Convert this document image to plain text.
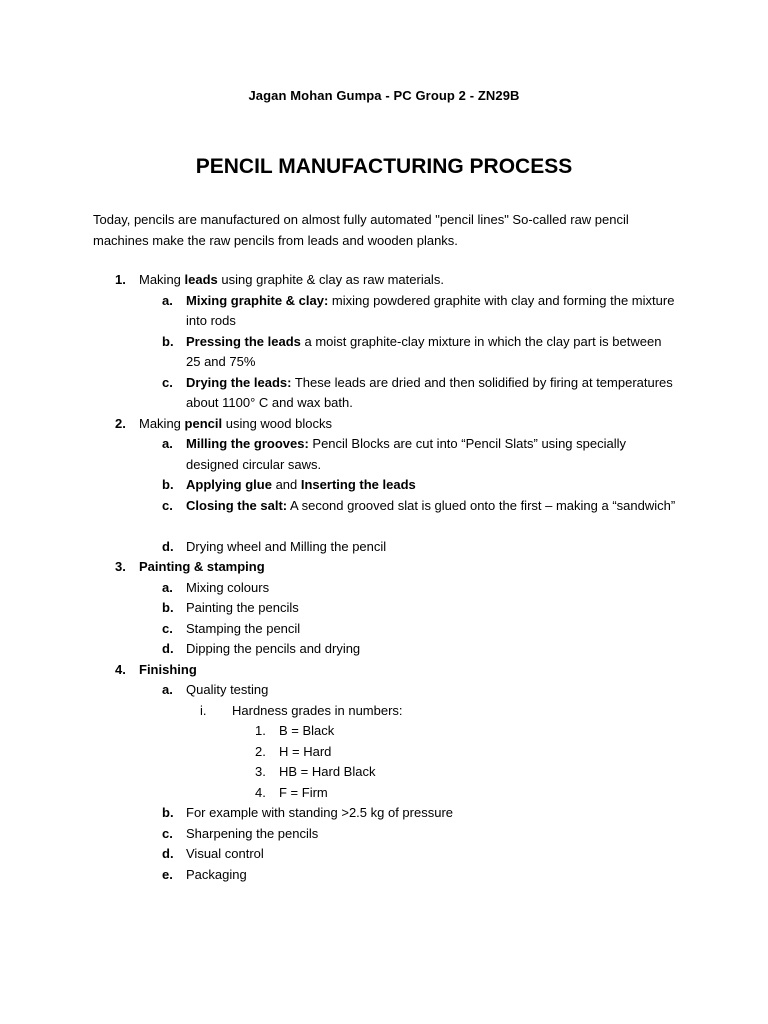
Jagan Mohan Gumpa - PC Group 2 - ZN29B
PENCIL MANUFACTURING PROCESS
Today, pencils are manufactured on almost fully automated "pencil lines" So-called raw pencil machines make the raw pencils from leads and wooden planks.
1. Making leads using graphite & clay as raw materials.
a. Mixing graphite & clay: mixing powdered graphite with clay and forming the mixture into rods
b. Pressing the leads a moist graphite-clay mixture in which the clay part is between 25 and 75%
c. Drying the leads: These leads are dried and then solidified by firing at temperatures about 1100° C and wax bath.
2. Making pencil using wood blocks
a. Milling the grooves: Pencil Blocks are cut into “Pencil Slats” using specially designed circular saws.
b. Applying glue and Inserting the leads
c. Closing the salt: A second grooved slat is glued onto the first – making a “sandwich”
d. Drying wheel and Milling the pencil
3. Painting & stamping
a. Mixing colours
b. Painting the pencils
c. Stamping the pencil
d. Dipping the pencils and drying
4. Finishing
a. Quality testing
i. Hardness grades in numbers:
1. B = Black
2. H = Hard
3. HB = Hard Black
4. F = Firm
b. For example with standing >2.5 kg of pressure
c. Sharpening the pencils
d. Visual control
e. Packaging
